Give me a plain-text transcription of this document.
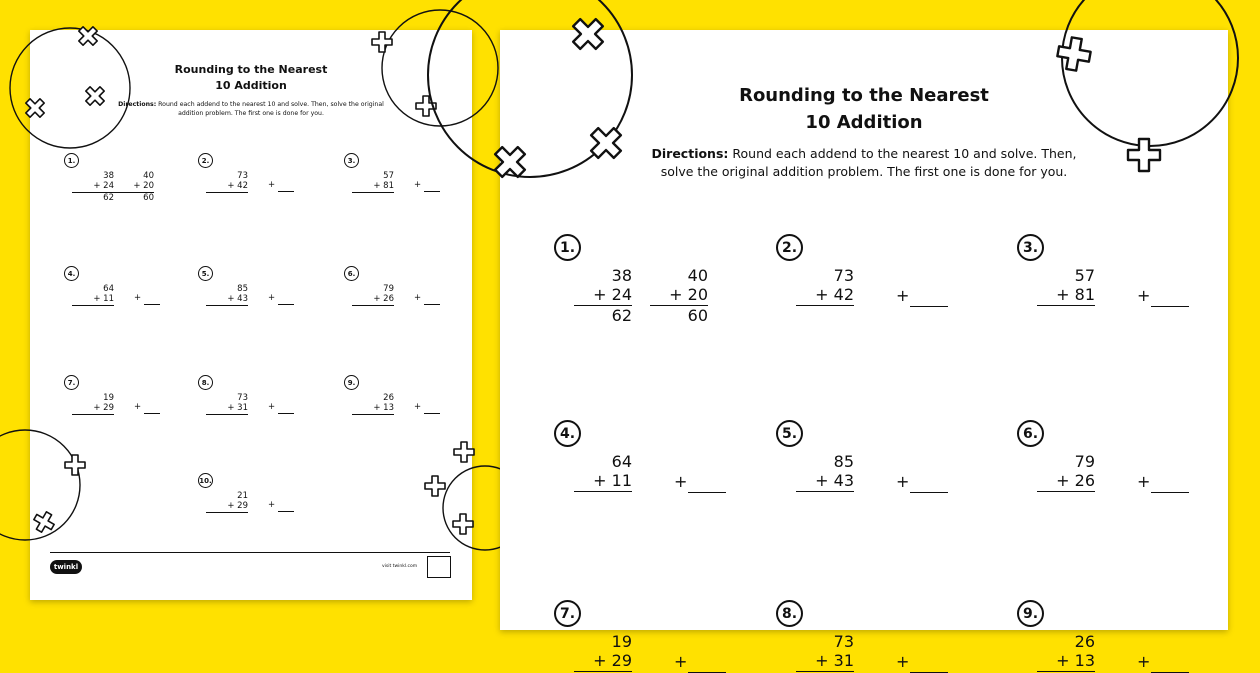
Rounding to the Nearest
10 Addition
Directions: Round each addend to the nearest 10 and solve. Then, solve the original addition problem. The first one is done for you.
1.
38
+ 24
62
40
+ 20
60
2.
73
+ 42 +
3.
57
+ 81 +
4.
64
+ 11 +
5.
85
+ 43 +
6.
79
+ 26 +
7.
19
+ 29 +
8.
73
+ 31 +
9.
26
+ 13 +
10.
21
+ 29 +
twinkl	visit twinkl.com
Rounding to the Nearest
10 Addition
Directions: Round each addend to the nearest 10 and solve. Then, solve the original addition problem. The first one is done for you.
1.
38
+ 24
62
40
+ 20
60
2.
73
+ 42	+
3.
57
+ 81	+
4.
64
+ 11	+
5.
85
+ 43	+
6.
79
+ 26	+
7.
19
+ 29	+
8.
73
+ 31	+
9.
26
+ 13	+
